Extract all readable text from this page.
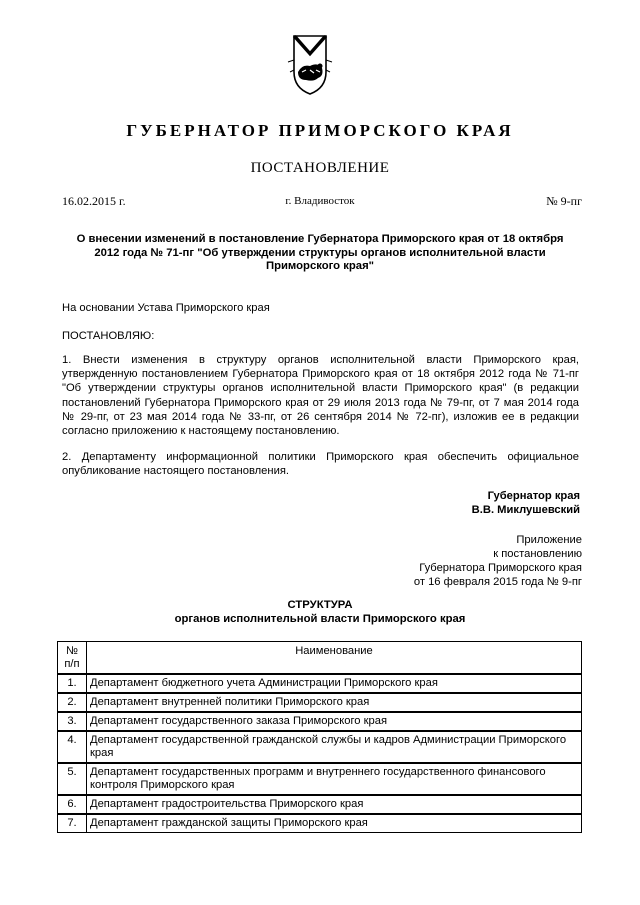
ГУБЕРНАТОР ПРИМОРСКОГО КРАЯ
ПОСТАНОВЛЕНИЕ
16.02.2015 г.	г. Владивосток	№ 9-пг
О внесении изменений в постановление Губернатора Приморского края от 18 октября 2012 года № 71-пг "Об утверждении структуры органов исполнительной власти Приморского края"
На основании Устава Приморского края
ПОСТАНОВЛЯЮ:
1. Внести изменения в структуру органов исполнительной власти Приморского края, утвержденную постановлением Губернатора Приморского края от 18 октября 2012 года № 71-пг "Об утверждении структуры органов исполнительной власти Приморского края" (в редакции постановлений Губернатора Приморского края от 29 июля 2013 года № 79-пг, от 7 мая 2014 года № 29-пг, от 23 мая 2014 года № 33-пг, от 26 сентября 2014 № 72-пг), изложив ее в редакции согласно приложению к настоящему постановлению.
2. Департаменту информационной политики Приморского края обеспечить официальное опубликование настоящего постановления.
Губернатор края
В.В. Миклушевский
Приложение
к постановлению
Губернатора Приморского края
от 16 февраля 2015 года № 9-пг
СТРУКТУРА
органов исполнительной власти Приморского края
№
п/п	Наименование
1.	Департамент бюджетного учета Администрации Приморского края
2.	Департамент внутренней политики Приморского края
3.	Департамент государственного заказа Приморского края
4.	Департамент государственной гражданской службы и кадров Администрации Приморского края
5.	Департамент государственных программ и внутреннего государственного финансового контроля Приморского края
6.	Департамент градостроительства Приморского края
7.	Департамент гражданской защиты Приморского края
